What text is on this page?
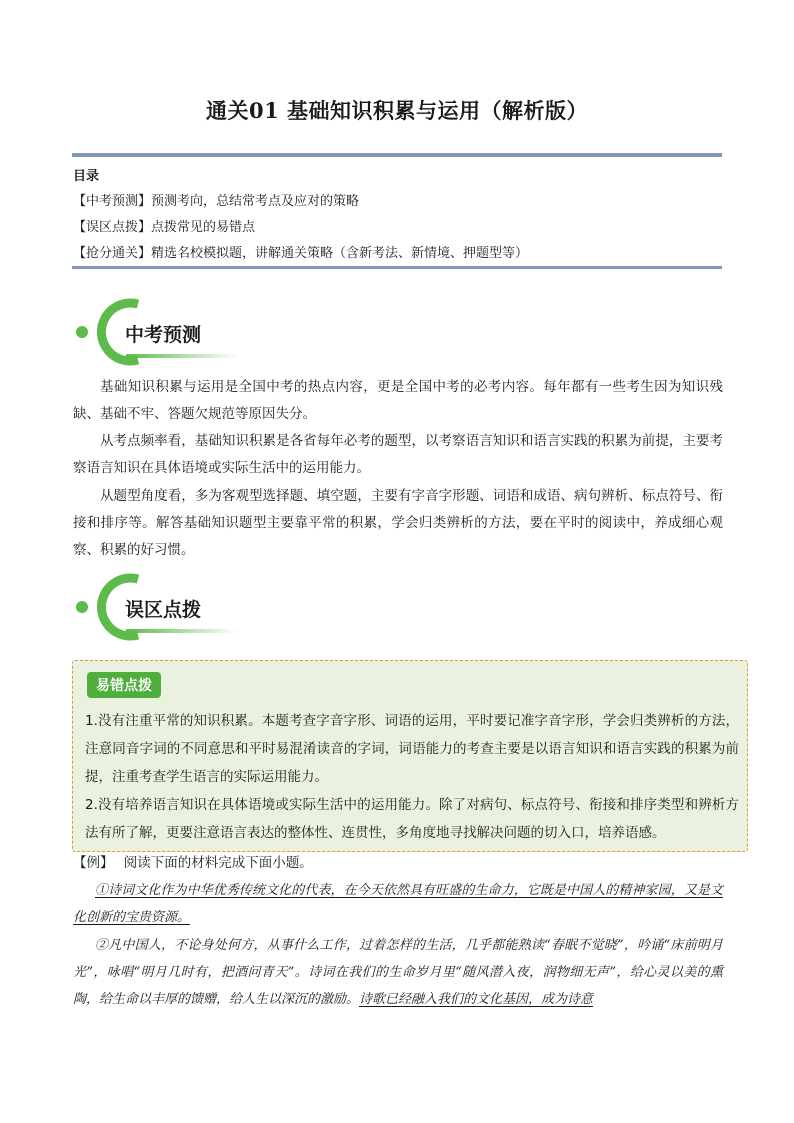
通关01 基础知识积累与运用（解析版）
目录
【中考预测】预测考向，总结常考点及应对的策略
【误区点拨】点拨常见的易错点
【抢分通关】精选名校模拟题，讲解通关策略（含新考法、新情境、押题型等）
中考预测
基础知识积累与运用是全国中考的热点内容，更是全国中考的必考内容。每年都有一些考生因为知识残缺、基础不牢、答题欠规范等原因失分。
从考点频率看，基础知识积累是各省每年必考的题型，以考察语言知识和语言实践的积累为前提，主要考察语言知识在具体语境或实际生活中的运用能力。
从题型角度看，多为客观型选择题、填空题，主要有字音字形题、词语和成语、病句辨析、标点符号、衔接和排序等。解答基础知识题型主要靠平常的积累，学会归类辨析的方法，要在平时的阅读中，养成细心观察、积累的好习惯。
误区点拨
易错点拨
1.没有注重平常的知识积累。本题考查字音字形、词语的运用，平时要记准字音字形，学会归类辨析的方法，注意同音字词的不同意思和平时易混淆读音的字词，词语能力的考查主要是以语言知识和语言实践的积累为前提，注重考查学生语言的实际运用能力。
2.没有培养语言知识在具体语境或实际生活中的运用能力。除了对病句、标点符号、衔接和排序类型和辨析方法有所了解，更要注意语言表达的整体性、连贯性，多角度地寻找解决问题的切入口，培养语感。
【例】 阅读下面的材料完成下面小题。
①诗词文化作为中华优秀传统文化的代表，在今天依然具有旺盛的生命力，它既是中国人的精神家园，又是文化创新的宝贵资源。
②凡中国人，不论身处何方，从事什么工作，过着怎样的生活，几乎都能熟读“春眠不觉晓”，吟诵“床前明月光”，咏唱“明月几时有，把酒问青天”。诗词在我们的生命岁月里“随风潜入夜，润物细无声”，给心灵以美的熏陶，给生命以丰厚的馈赠，给人生以深沉的激励。诗歌已经融入我们的文化基因，成为诗意
